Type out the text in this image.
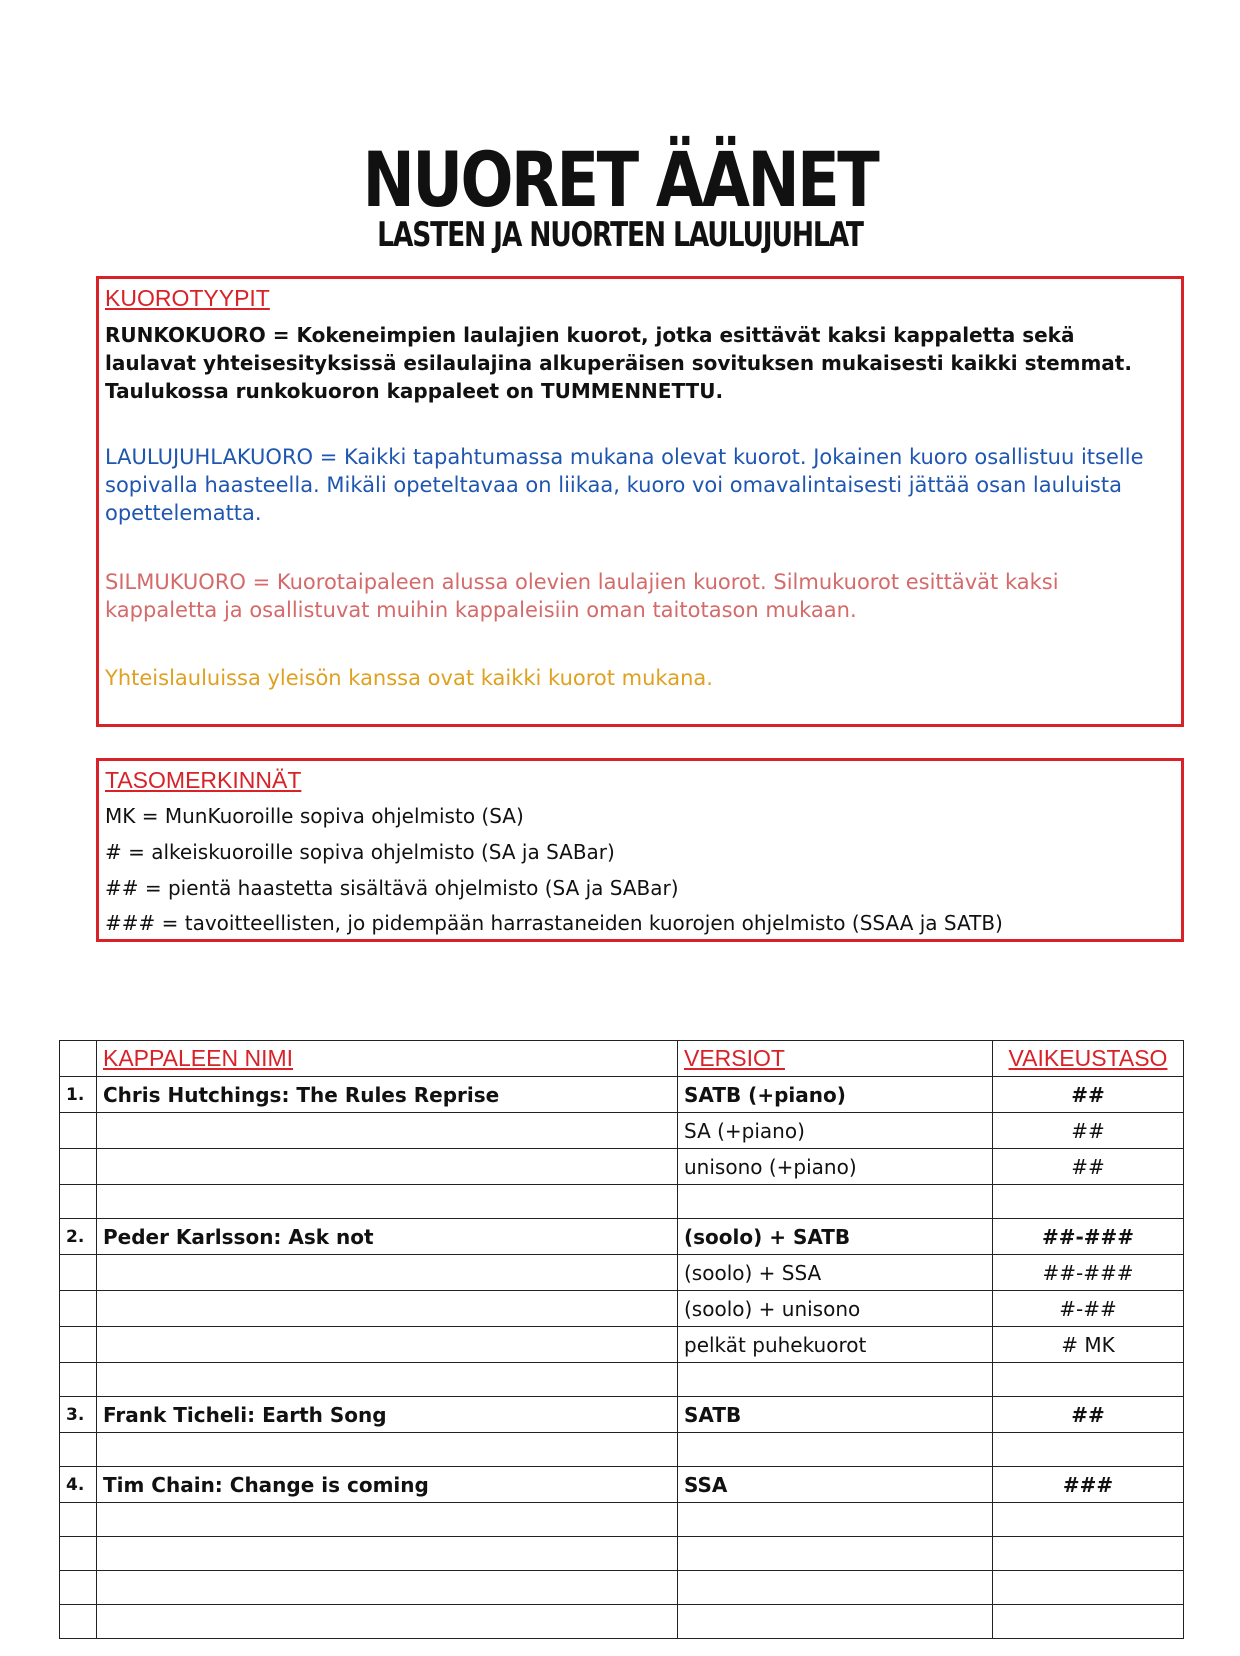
NUORET ÄÄNET
LASTEN JA NUORTEN LAULUJUHLAT
KUOROTYYPIT
RUNKOKUORO = Kokeneimpien laulajien kuorot, jotka esittävät kaksi kappaletta sekä laulavat yhteisesityksissä esilaulajina alkuperäisen sovituksen mukaisesti kaikki stemmat. Taulukossa runkokuoron kappaleet on TUMMENNETTU.
LAULUJUHLAKUORO = Kaikki tapahtumassa mukana olevat kuorot. Jokainen kuoro osallistuu itselle sopivalla haasteella. Mikäli opeteltavaa on liikaa, kuoro voi omavalintaisesti jättää osan lauluista opettelematta.
SILMUKUORO = Kuorotaipaleen alussa olevien laulajien kuorot. Silmukuorot esittävät kaksi kappaletta ja osallistuvat muihin kappaleisiin oman taitotason mukaan.
Yhteislauluissa yleisön kanssa ovat kaikki kuorot mukana.
TASOMERKINNÄT
MK = MunKuoroille sopiva ohjelmisto (SA)
# = alkeiskuoroille sopiva ohjelmisto (SA ja SABar)
## = pientä haastetta sisältävä ohjelmisto (SA ja SABar)
### = tavoitteellisten, jo pidempään harrastaneiden kuorojen ohjelmisto (SSAA ja SATB)
	KAPPALEEN NIMI	VERSIOT	VAIKEUSTASO
1.	Chris Hutchings: The Rules Reprise	SATB (+piano)	##
		SA (+piano)	##
		unisono (+piano)	##

2.	Peder Karlsson: Ask not	(soolo) + SATB	##-###
		(soolo) + SSA	##-###
		(soolo) + unisono	#-##
		pelkät puhekuorot	# MK

3.	Frank Ticheli: Earth Song	SATB	##

4.	Tim Chain: Change is coming	SSA	###
